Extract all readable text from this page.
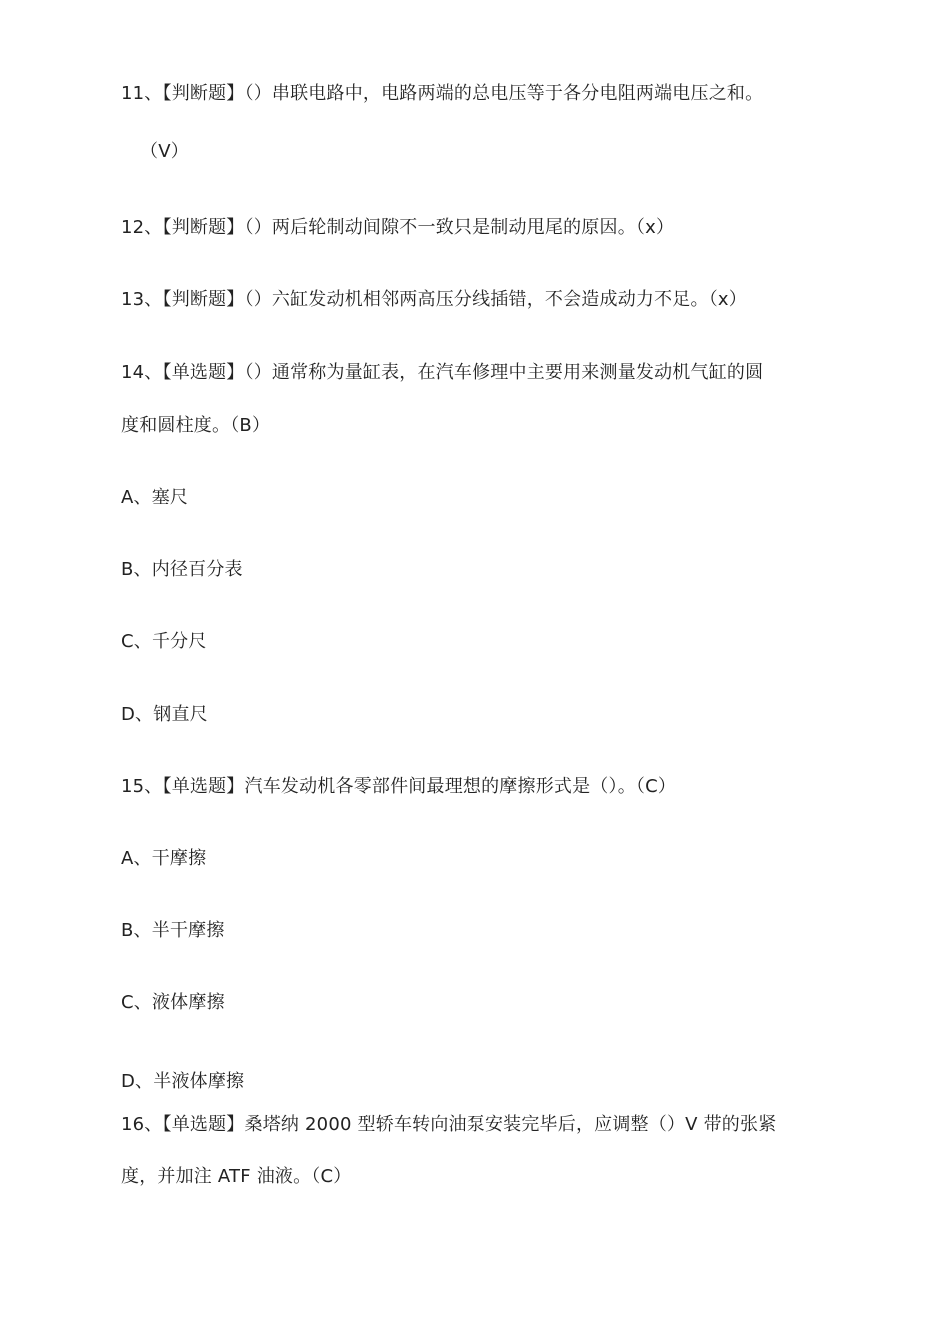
11、【判断题】（）串联电路中，电路两端的总电压等于各分电阻两端电压之和。
（V）
12、【判断题】（）两后轮制动间隙不一致只是制动甩尾的原因。（x）
13、【判断题】（）六缸发动机相邻两高压分线插错，不会造成动力不足。（x）
14、【单选题】（）通常称为量缸表，在汽车修理中主要用来测量发动机气缸的圆
度和圆柱度。（B）
A、塞尺
B、内径百分表
C、千分尺
D、钢直尺
15、【单选题】汽车发动机各零部件间最理想的摩擦形式是（）。（C）
A、干摩擦
B、半干摩擦
C、液体摩擦
D、半液体摩擦
16、【单选题】桑塔纳 2000 型轿车转向油泵安装完毕后，应调整（）V 带的张紧
度，并加注 ATF 油液。（C）
